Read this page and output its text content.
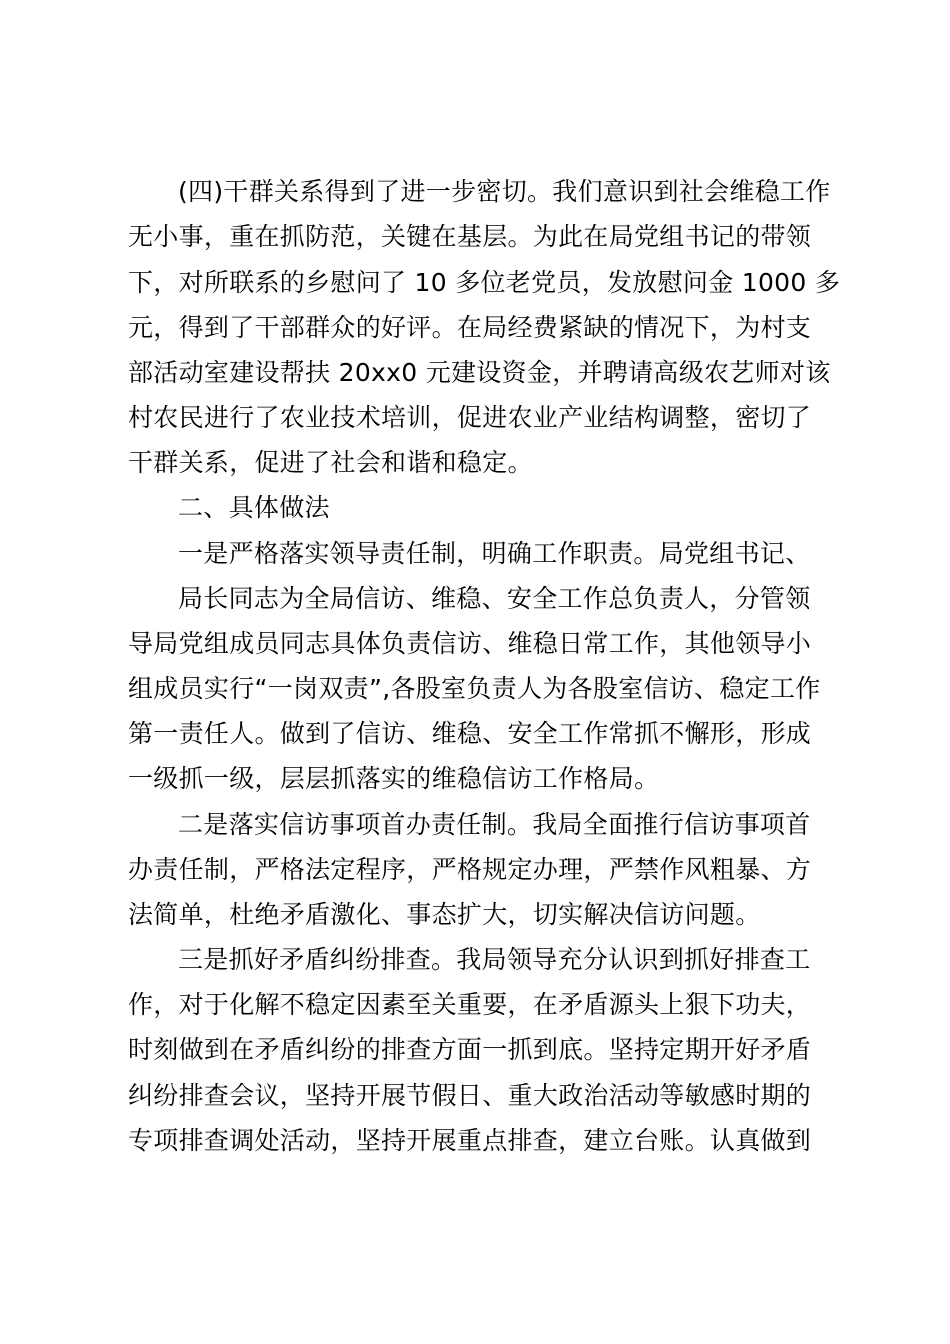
(四)干群关系得到了进一步密切。我们意识到社会维稳工作
无小事，重在抓防范，关键在基层。为此在局党组书记的带领
下，对所联系的乡慰问了 10 多位老党员，发放慰问金 1000 多
元，得到了干部群众的好评。在局经费紧缺的情况下，为村支
部活动室建设帮扶 20xx0 元建设资金，并聘请高级农艺师对该
村农民进行了农业技术培训，促进农业产业结构调整，密切了
干群关系，促进了社会和谐和稳定。
二、具体做法
一是严格落实领导责任制，明确工作职责。局党组书记、
局长同志为全局信访、维稳、安全工作总负责人，分管领
导局党组成员同志具体负责信访、维稳日常工作，其他领导小
组成员实行“一岗双责”,各股室负责人为各股室信访、稳定工作
第一责任人。做到了信访、维稳、安全工作常抓不懈形，形成
一级抓一级，层层抓落实的维稳信访工作格局。
二是落实信访事项首办责任制。我局全面推行信访事项首
办责任制，严格法定程序，严格规定办理，严禁作风粗暴、方
法简单，杜绝矛盾激化、事态扩大，切实解决信访问题。
三是抓好矛盾纠纷排查。我局领导充分认识到抓好排查工
作，对于化解不稳定因素至关重要，在矛盾源头上狠下功夫，
时刻做到在矛盾纠纷的排查方面一抓到底。坚持定期开好矛盾
纠纷排查会议，坚持开展节假日、重大政治活动等敏感时期的
专项排查调处活动，坚持开展重点排查，建立台账。认真做到
